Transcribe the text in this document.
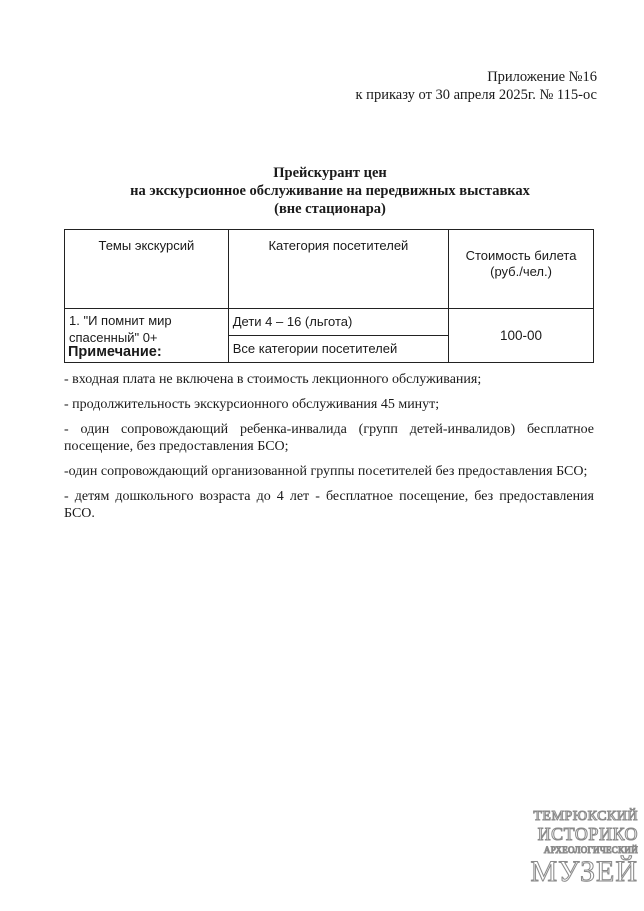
Приложение №16
к приказу от 30 апреля 2025г. № 115-ос
Прейскурант цен
на экскурсионное обслуживание на передвижных выставках
(вне стационара)
Темы экскурсий	Категория посетителей	Стоимость билета (руб./чел.)
1. "И помнит мир спасенный" 0+	Дети 4 – 16 (льгота)	100-00
	Все категории посетителей	
Примечание:
- входная плата не включена в стоимость лекционного обслуживания;
- продолжительность экскурсионного обслуживания 45 минут;
- один сопровождающий ребенка-инвалида (групп детей-инвалидов) бесплатное посещение, без предоставления БСО;
-один сопровождающий организованной группы посетителей без предоставления БСО;
- детям дошкольного возраста до 4 лет - бесплатное посещение, без предоставления БСО.
ТЕМРЮКСКИЙ
ИСТОРИКО
АРХЕОЛОГИЧЕСКИЙ
МУЗЕЙ
